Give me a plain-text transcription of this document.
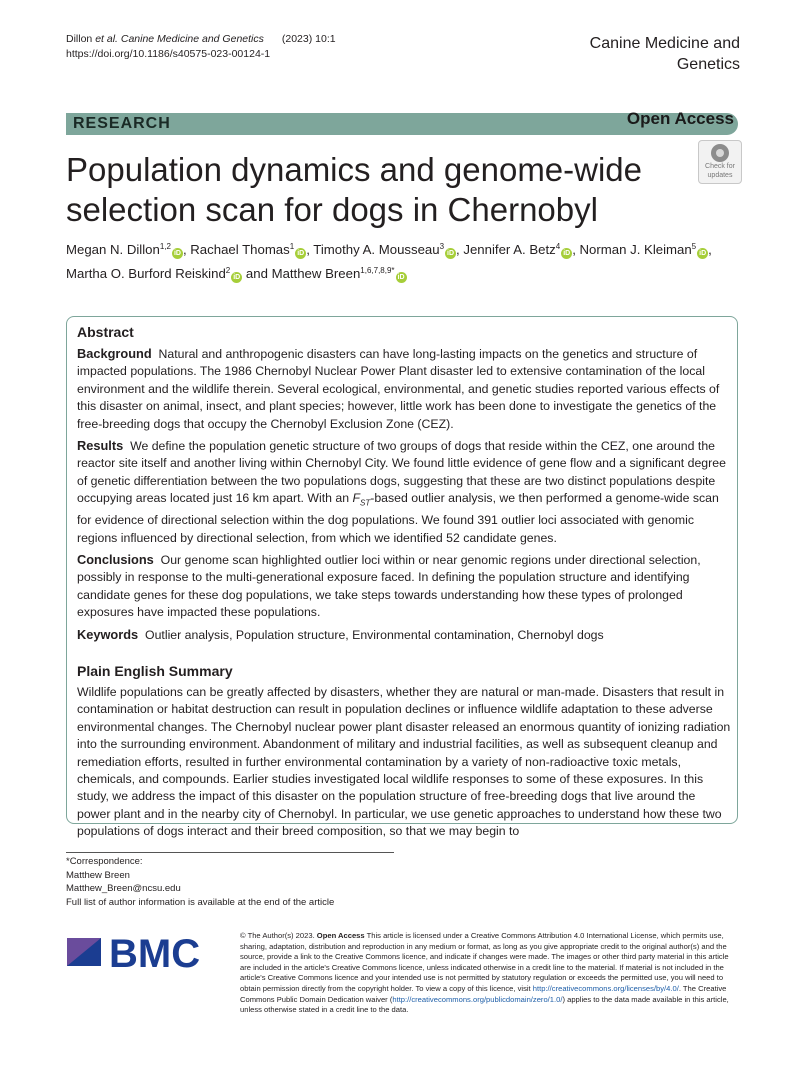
Dillon et al. Canine Medicine and Genetics (2023) 10:1
https://doi.org/10.1186/s40575-023-00124-1
Canine Medicine and
Genetics
RESEARCH	Open Access
Population dynamics and genome-wide selection scan for dogs in Chernobyl
Check for
updates
Megan N. Dillon$^{1,2}$iD , Rachael Thomas$^1$iD , Timothy A. Mousseau$^3$iD , Jennifer A. Betz$^4$iD , Norman J. Kleiman$^5$iD ,
Martha O. Burford Reiskind$^2$iD and Matthew Breen$^{1,6,7,8,9*}$iD
Abstract

Background Natural and anthropogenic disasters can have long-lasting impacts on the genetics and structure of impacted populations. The 1986 Chernobyl Nuclear Power Plant disaster led to extensive contamination of the local environment and the wildlife therein. Several ecological, environmental, and genetic studies reported various effects of this disaster on animal, insect, and plant species; however, little work has been done to investigate the genetics of the free-breeding dogs that occupy the Chernobyl Exclusion Zone (CEZ).

Results We define the population genetic structure of two groups of dogs that reside within the CEZ, one around the reactor site itself and another living within Chernobyl City. We found little evidence of gene flow and a significant degree of genetic differentiation between the two populations dogs, suggesting that these are two distinct populations despite occupying areas located just 16 km apart. With an $F_{ST}$-based outlier analysis, we then performed a genome-wide scan for evidence of directional selection within the dog populations. We found 391 outlier loci associated with genomic regions influenced by directional selection, from which we identified 52 candidate genes.

Conclusions Our genome scan highlighted outlier loci within or near genomic regions under directional selection, possibly in response to the multi-generational exposure faced. In defining the population structure and identifying candidate genes for these dog populations, we take steps towards understanding how these types of prolonged exposures have impacted these populations.

Keywords Outlier analysis, Population structure, Environmental contamination, Chernobyl dogs

Plain English Summary

Wildlife populations can be greatly affected by disasters, whether they are natural or man-made. Disasters that result in contamination or habitat destruction can result in population declines or influence wildlife adaptation to these adverse environmental changes. The Chernobyl nuclear power plant disaster released an enormous quantity of ionizing radiation into the surrounding environment. Abandonment of military and industrial facilities, as well as subsequent cleanup and remediation efforts, resulted in further environmental contamination by a variety of non-radioactive toxic metals, chemicals, and compounds. Earlier studies investigated local wildlife responses to some of these exposures. In this study, we address the impact of this disaster on the population structure of free-breeding dogs that live around the power plant and in the nearby city of Chernobyl. In particular, we use genetic approaches to understand how these two populations of dogs interact and their breed composition, so that we may begin to

*Correspondence:
Matthew Breen
Matthew_Breen@ncsu.edu
Full list of author information is available at the end of the article
BMC	© The Author(s) 2023. Open Access This article is licensed under a Creative Commons Attribution 4.0 International License, which permits use, sharing, adaptation, distribution and reproduction in any medium or format, as long as you give appropriate credit to the original author(s) and the source, provide a link to the Creative Commons licence, and indicate if changes were made. The images or other third party material in this article are included in the article's Creative Commons licence, unless indicated otherwise in a credit line to the material. If material is not included in the article's Creative Commons licence and your intended use is not permitted by statutory regulation or exceeds the permitted use, you will need to obtain permission directly from the copyright holder. To view a copy of this licence, visit http://creativecommons.org/licenses/by/4.0/. The Creative Commons Public Domain Dedication waiver (http://creativecommons.org/publicdomain/zero/1.0/) applies to the data made available in this article, unless otherwise stated in a credit line to the data.
